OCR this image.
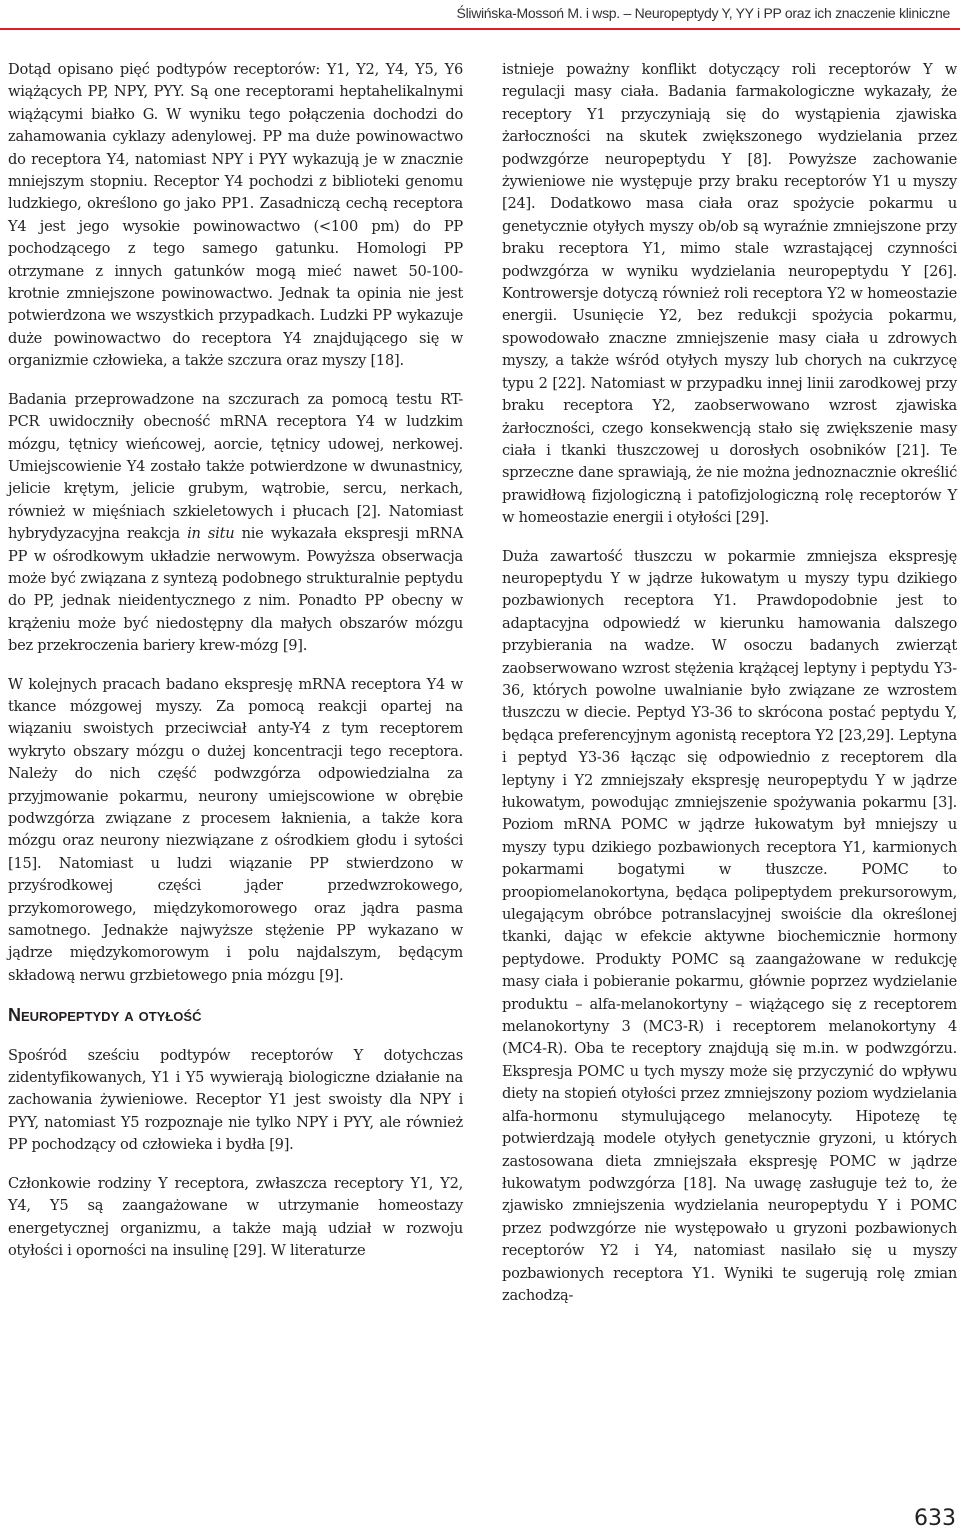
Śliwińska-Mossoń M. i wsp. – Neuropeptydy Y, YY i PP oraz ich znaczenie kliniczne

Dotąd opisano pięć podtypów receptorów: Y1, Y2, Y4, Y5, Y6 wiążących PP, NPY, PYY. Są one receptorami heptahelikalnymi wiążącymi białko G. W wyniku tego połączenia dochodzi do zahamowania cyklazy adenylowej. PP ma duże powinowactwo do receptora Y4, natomiast NPY i PYY wykazują je w znacznie mniejszym stopniu. Receptor Y4 pochodzi z biblioteki genomu ludzkiego, określono go jako PP1. Zasadniczą cechą receptora Y4 jest jego wysokie powinowactwo (<100 pm) do PP pochodzącego z tego samego gatunku. Homologi PP otrzymane z innych gatunków mogą mieć nawet 50-100-krotnie zmniejszone powinowactwo. Jednak ta opinia nie jest potwierdzona we wszystkich przypadkach. Ludzki PP wykazuje duże powinowactwo do receptora Y4 znajdującego się w organizmie człowieka, a także szczura oraz myszy [18].

Badania przeprowadzone na szczurach za pomocą testu RT-PCR uwidoczniły obecność mRNA receptora Y4 w ludzkim mózgu, tętnicy wieńcowej, aorcie, tętnicy udowej, nerkowej. Umiejscowienie Y4 zostało także potwierdzone w dwunastnicy, jelicie krętym, jelicie grubym, wątrobie, sercu, nerkach, również w mięśniach szkieletowych i płucach [2]. Natomiast hybrydyzacyjna reakcja in situ nie wykazała ekspresji mRNA PP w ośrodkowym układzie nerwowym. Powyższa obserwacja może być związana z syntezą podobnego strukturalnie peptydu do PP, jednak nieidentycznego z nim. Ponadto PP obecny w krążeniu może być niedostępny dla małych obszarów mózgu bez przekroczenia bariery krew-mózg [9].

W kolejnych pracach badano ekspresję mRNA receptora Y4 w tkance mózgowej myszy. Za pomocą reakcji opartej na wiązaniu swoistych przeciwciał anty-Y4 z tym receptorem wykryto obszary mózgu o dużej koncentracji tego receptora. Należy do nich część podwzgórza odpowiedzialna za przyjmowanie pokarmu, neurony umiejscowione w obrębie podwzgórza związane z procesem łaknienia, a także kora mózgu oraz neurony niezwiązane z ośrodkiem głodu i sytości [15]. Natomiast u ludzi wiązanie PP stwierdzono w przyśrodkowej części jąder przedwzrokowego, przykomorowego, międzykomorowego oraz jądra pasma samotnego. Jednakże najwyższe stężenie PP wykazano w jądrze międzykomorowym i polu najdalszym, będącym składową nerwu grzbietowego pnia mózgu [9].

Neuropeptydy a otyłość

Spośród sześciu podtypów receptorów Y dotychczas zidentyfikowanych, Y1 i Y5 wywierają biologiczne działanie na zachowania żywieniowe. Receptor Y1 jest swoisty dla NPY i PYY, natomiast Y5 rozpoznaje nie tylko NPY i PYY, ale również PP pochodzący od człowieka i bydła [9].

Członkowie rodziny Y receptora, zwłaszcza receptory Y1, Y2, Y4, Y5 są zaangażowane w utrzymanie homeostazy energetycznej organizmu, a także mają udział w rozwoju otyłości i oporności na insulinę [29]. W literaturze

istnieje poważny konflikt dotyczący roli receptorów Y w regulacji masy ciała. Badania farmakologiczne wykazały, że receptory Y1 przyczyniają się do wystąpienia zjawiska żarłoczności na skutek zwiększonego wydzielania przez podwzgórze neuropeptydu Y [8]. Powyższe zachowanie żywieniowe nie występuje przy braku receptorów Y1 u myszy [24]. Dodatkowo masa ciała oraz spożycie pokarmu u genetycznie otyłych myszy ob/ob są wyraźnie zmniejszone przy braku receptora Y1, mimo stale wzrastającej czynności podwzgórza w wyniku wydzielania neuropeptydu Y [26]. Kontrowersje dotyczą również roli receptora Y2 w homeostazie energii. Usunięcie Y2, bez redukcji spożycia pokarmu, spowodowało znaczne zmniejszenie masy ciała u zdrowych myszy, a także wśród otyłych myszy lub chorych na cukrzycę typu 2 [22]. Natomiast w przypadku innej linii zarodkowej przy braku receptora Y2, zaobserwowano wzrost zjawiska żarłoczności, czego konsekwencją stało się zwiększenie masy ciała i tkanki tłuszczowej u dorosłych osobników [21]. Te sprzeczne dane sprawiają, że nie można jednoznacznie określić prawidłową fizjologiczną i patofizjologiczną rolę receptorów Y w homeostazie energii i otyłości [29].

Duża zawartość tłuszczu w pokarmie zmniejsza ekspresję neuropeptydu Y w jądrze łukowatym u myszy typu dzikiego pozbawionych receptora Y1. Prawdopodobnie jest to adaptacyjna odpowiedź w kierunku hamowania dalszego przybierania na wadze. W osoczu badanych zwierząt zaobserwowano wzrost stężenia krążącej leptyny i peptydu Y3-36, których powolne uwalnianie było związane ze wzrostem tłuszczu w diecie. Peptyd Y3-36 to skrócona postać peptydu Y, będąca preferencyjnym agonistą receptora Y2 [23,29]. Leptyna i peptyd Y3-36 łącząc się odpowiednio z receptorem dla leptyny i Y2 zmniejszały ekspresję neuropeptydu Y w jądrze łukowatym, powodując zmniejszenie spożywania pokarmu [3]. Poziom mRNA POMC w jądrze łukowatym był mniejszy u myszy typu dzikiego pozbawionych receptora Y1, karmionych pokarmami bogatymi w tłuszcze. POMC to proopiomelanokortyna, będąca polipeptydem prekursorowym, ulegającym obróbce potranslacyjnej swoiście dla określonej tkanki, dając w efekcie aktywne biochemicznie hormony peptydowe. Produkty POMC są zaangażowane w redukcję masy ciała i pobieranie pokarmu, głównie poprzez wydzielanie produktu – alfa-melanokortyny – wiążącego się z receptorem melanokortyny 3 (MC3-R) i receptorem melanokortyny 4 (MC4-R). Oba te receptory znajdują się m.in. w podwzgórzu. Ekspresja POMC u tych myszy może się przyczynić do wpływu diety na stopień otyłości przez zmniejszony poziom wydzielania alfa-hormonu stymulującego melanocyty. Hipotezę tę potwierdzają modele otyłych genetycznie gryzoni, u których zastosowana dieta zmniejszała ekspresję POMC w jądrze łukowatym podwzgórza [18]. Na uwagę zasługuje też to, że zjawisko zmniejszenia wydzielania neuropeptydu Y i POMC przez podwzgórze nie występowało u gryzoni pozbawionych receptorów Y2 i Y4, natomiast nasilało się u myszy pozbawionych receptora Y1. Wyniki te sugerują rolę zmian zachodzą-

633
